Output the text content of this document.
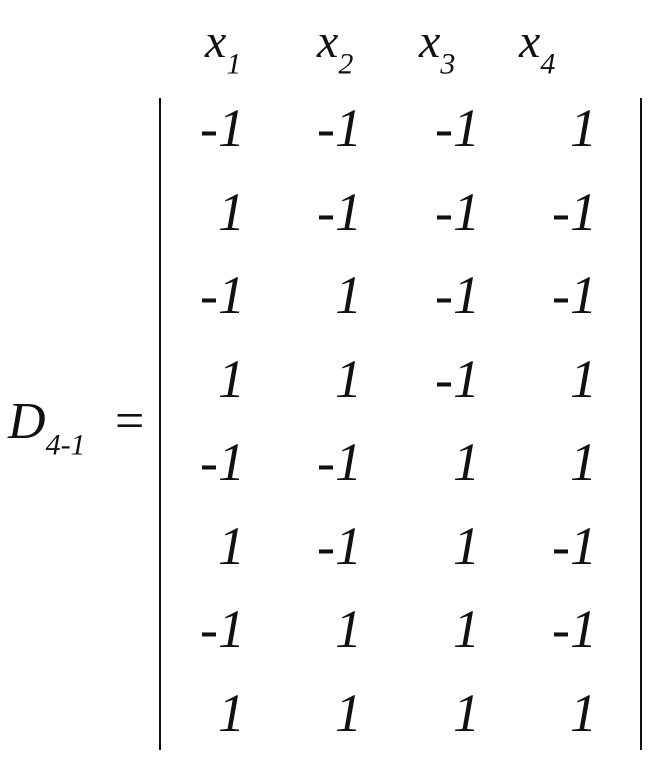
$x_1$ $x_2$ $x_3$ $x_4$
$D_{4-1}$ =
-1	-1	-1	1
1	-1	-1	-1
-1	1	-1	-1
1	1	-1	1
-1	-1	1	1
1	-1	1	-1
-1	1	1	-1
1	1	1	1
